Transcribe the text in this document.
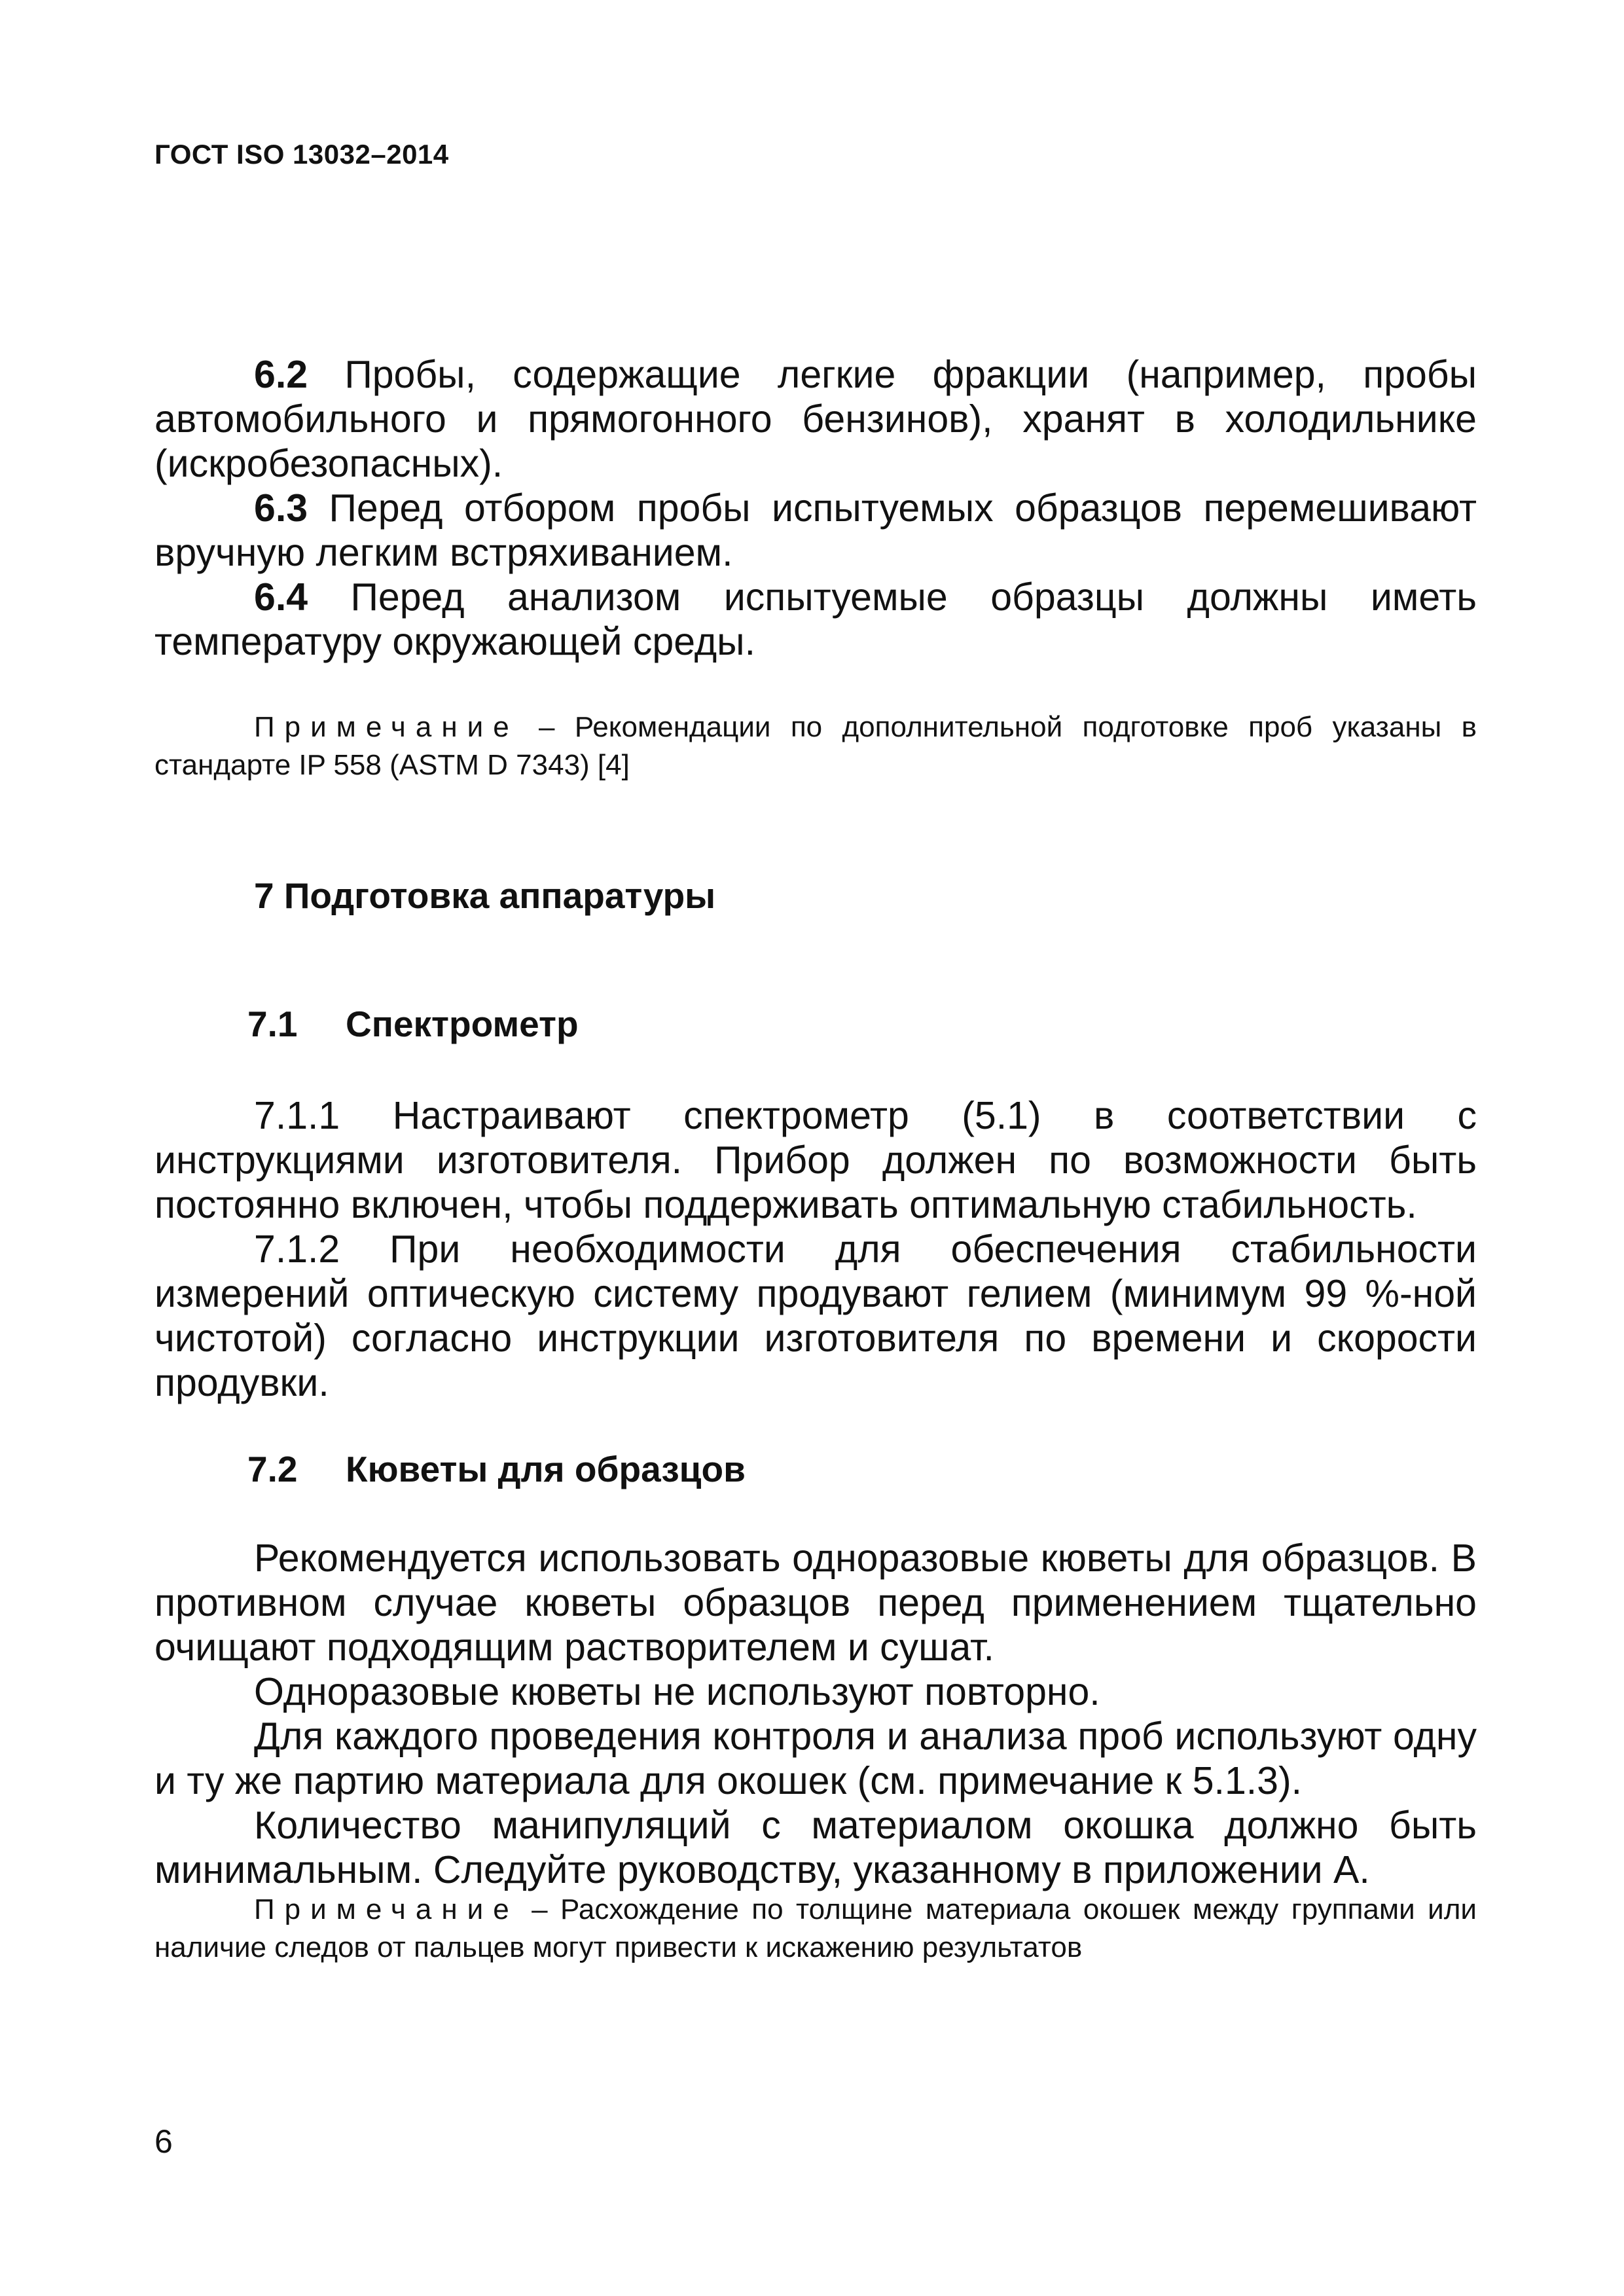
ГОСТ ISO 13032–2014

6.2 Пробы, содержащие легкие фракции (например, пробы автомобильного и прямогонного бензинов), хранят в холодильнике (искробезопасных).

6.3 Перед отбором пробы испытуемых образцов перемешивают вручную легким встряхиванием.

6.4 Перед анализом испытуемые образцы должны иметь температуру окружающей среды.

Примечание – Рекомендации по дополнительной подготовке проб указаны в стандарте IP 558 (ASTM D 7343) [4]

7 Подготовка аппаратуры
7.1 Спектрометр

7.1.1 Настраивают спектрометр (5.1) в соответствии с инструкциями изготовителя. Прибор должен по возможности быть постоянно включен, чтобы поддерживать оптимальную стабильность.

7.1.2 При необходимости для обеспечения стабильности измерений оптическую систему продувают гелием (минимум 99 %-ной чистотой) согласно инструкции изготовителя по времени и скорости продувки.

7.2 Кюветы для образцов

Рекомендуется использовать одноразовые кюветы для образцов. В противном случае кюветы образцов перед применением тщательно очищают подходящим растворителем и сушат.

Одноразовые кюветы не используют повторно.

Для каждого проведения контроля и анализа проб используют одну и ту же партию материала для окошек (см. примечание к 5.1.3).

Количество манипуляций с материалом окошка должно быть минимальным. Следуйте руководству, указанному в приложении А.

Примечание – Расхождение по толщине материала окошек между группами или наличие следов от пальцев могут привести к искажению результатов

6
